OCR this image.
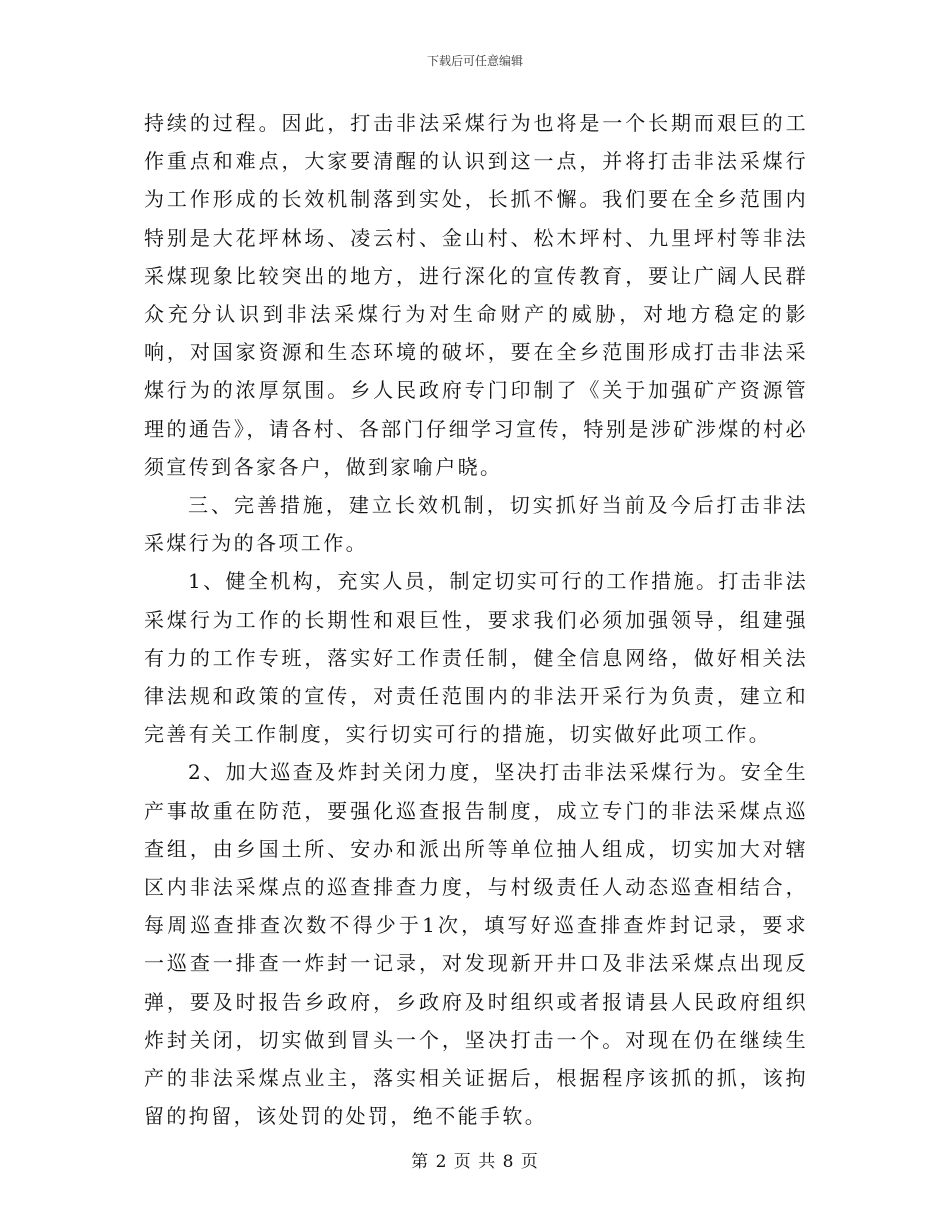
下载后可任意编辑

持续的过程。因此，打击非法采煤行为也将是一个长期而艰巨的工作重点和难点，大家要清醒的认识到这一点，并将打击非法采煤行为工作形成的长效机制落到实处，长抓不懈。我们要在全乡范围内特别是大花坪林场、凌云村、金山村、松木坪村、九里坪村等非法采煤现象比较突出的地方，进行深化的宣传教育，要让广阔人民群众充分认识到非法采煤行为对生命财产的威胁，对地方稳定的影响，对国家资源和生态环境的破坏，要在全乡范围形成打击非法采煤行为的浓厚氛围。乡人民政府专门印制了《关于加强矿产资源管理的通告》，请各村、各部门仔细学习宣传，特别是涉矿涉煤的村必须宣传到各家各户，做到家喻户晓。

三、完善措施，建立长效机制，切实抓好当前及今后打击非法采煤行为的各项工作。

1、健全机构，充实人员，制定切实可行的工作措施。打击非法采煤行为工作的长期性和艰巨性，要求我们必须加强领导，组建强有力的工作专班，落实好工作责任制，健全信息网络，做好相关法律法规和政策的宣传，对责任范围内的非法开采行为负责，建立和完善有关工作制度，实行切实可行的措施，切实做好此项工作。

2、加大巡查及炸封关闭力度，坚决打击非法采煤行为。安全生产事故重在防范，要强化巡查报告制度，成立专门的非法采煤点巡查组，由乡国土所、安办和派出所等单位抽人组成，切实加大对辖区内非法采煤点的巡查排查力度，与村级责任人动态巡查相结合，每周巡查排查次数不得少于1次，填写好巡查排查炸封记录，要求一巡查一排查一炸封一记录，对发现新开井口及非法采煤点出现反弹，要及时报告乡政府，乡政府及时组织或者报请县人民政府组织炸封关闭，切实做到冒头一个，坚决打击一个。对现在仍在继续生产的非法采煤点业主，落实相关证据后，根据程序该抓的抓，该拘留的拘留，该处罚的处罚，绝不能手软。

第 2 页 共 8 页
